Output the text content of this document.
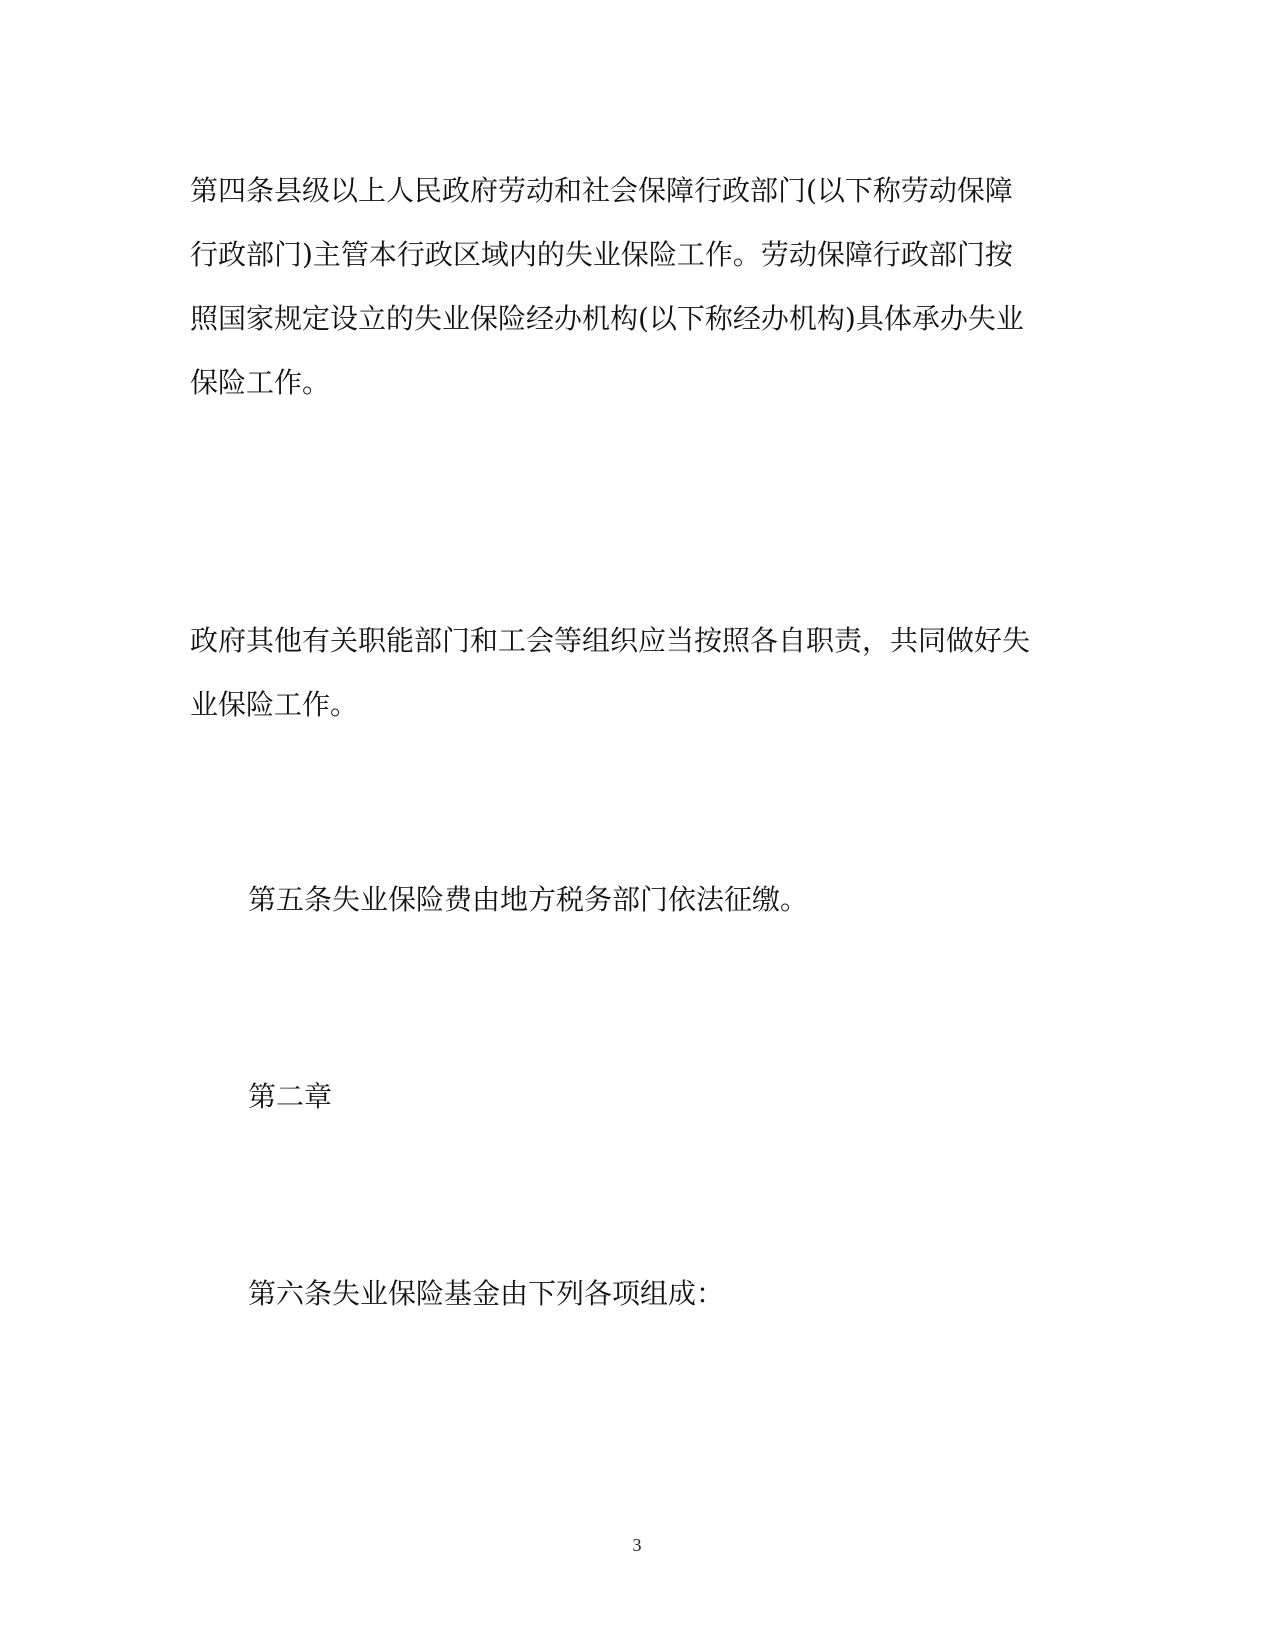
第四条县级以上人民政府劳动和社会保障行政部门(以下称劳动保障
行政部门)主管本行政区域内的失业保险工作。劳动保障行政部门按
照国家规定设立的失业保险经办机构(以下称经办机构)具体承办失业
保险工作。
政府其他有关职能部门和工会等组织应当按照各自职责，共同做好失
业保险工作。
第五条失业保险费由地方税务部门依法征缴。
第二章
第六条失业保险基金由下列各项组成：
3
